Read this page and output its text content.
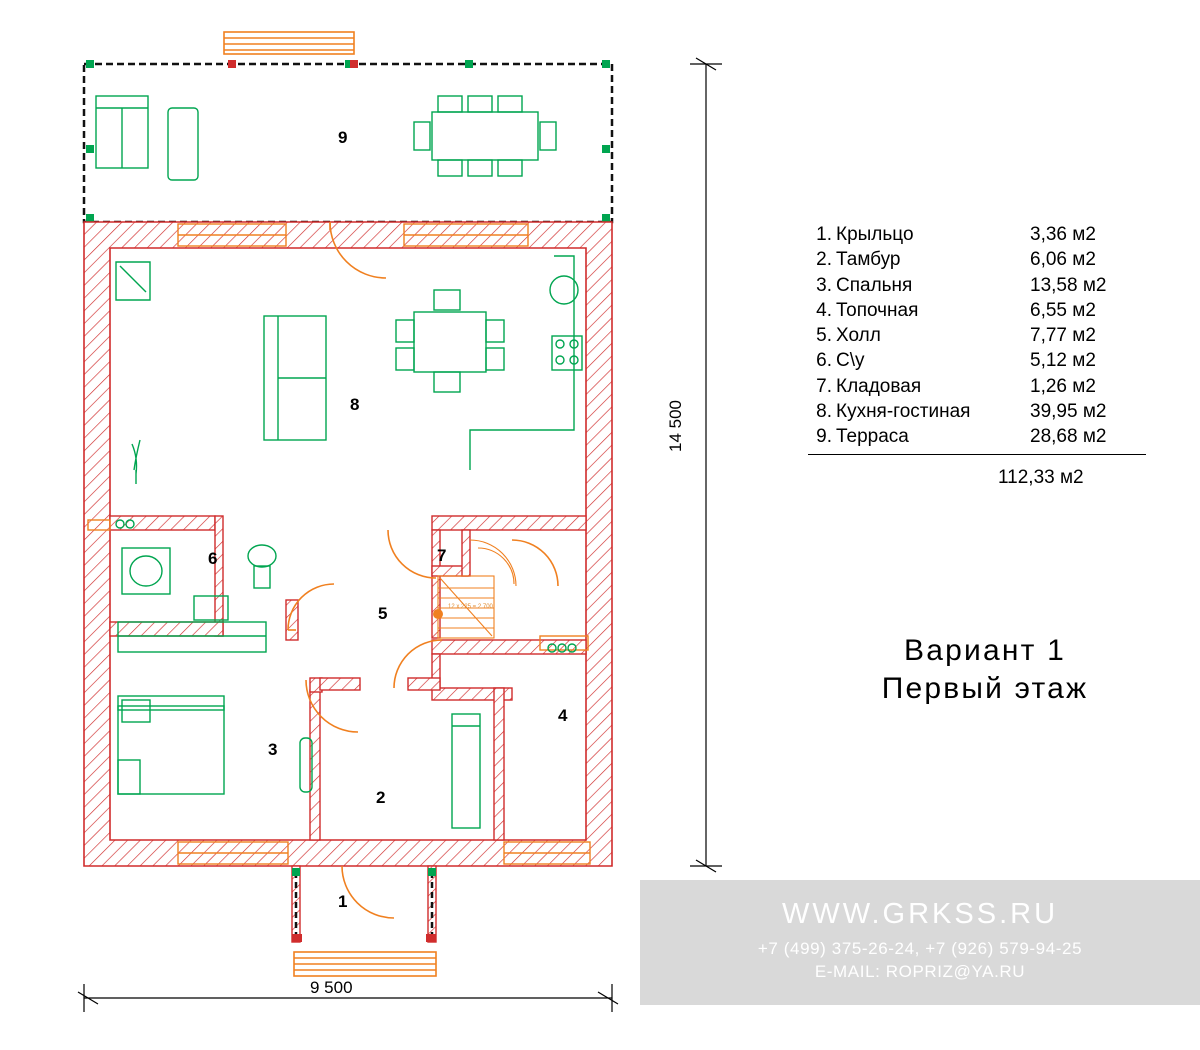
9
8
6	7
5
3
2
4
1
12 x 225 = 2 700
14 500
9 500
1. Крыльцо	3,36 м2
2. Тамбур	6,06 м2
3. Спальня	13,58 м2
4. Топочная	6,55 м2
5. Холл	7,77 м2
6. С\у	5,12 м2
7. Кладовая	1,26 м2
8. Кухня-гостиная	39,95 м2
9. Терраса	28,68 м2
112,33 м2
Вариант 1
Первый этаж
WWW.GRKSS.RU
+7 (499) 375-26-24, +7 (926) 579-94-25
E-MAIL: ROPRIZ@YA.RU
